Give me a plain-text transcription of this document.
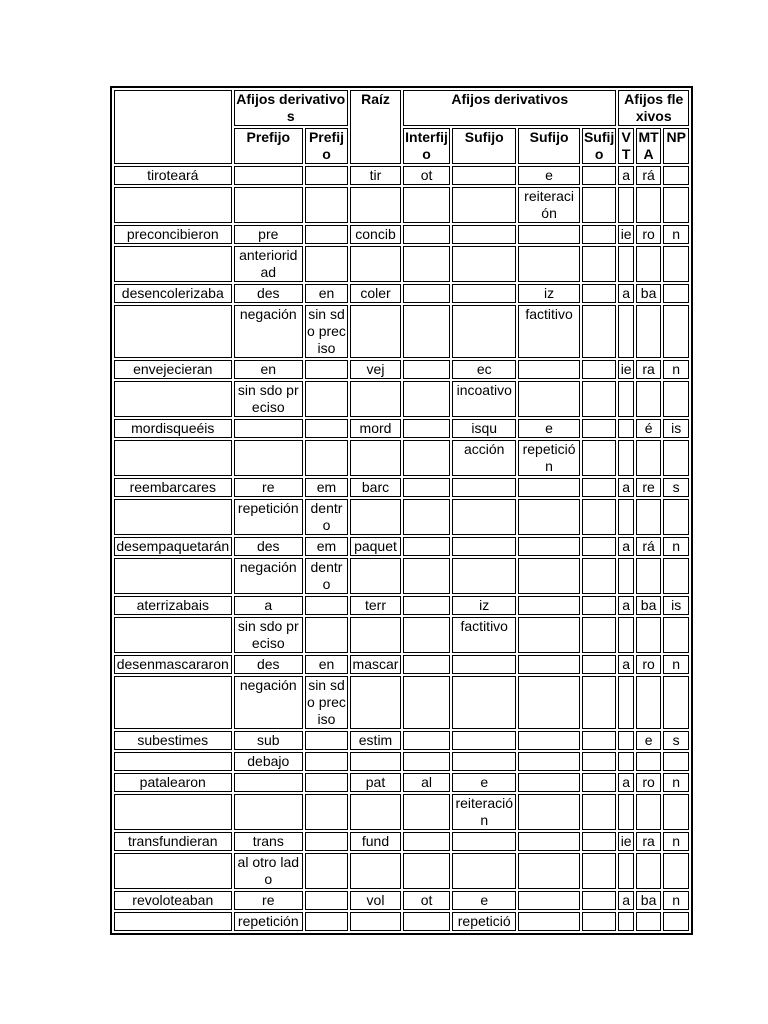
	Afijos derivativos		Raíz	Afijos derivativos				Afijos flexivos		
	Prefijo	Prefijo		Interfijo	Sufijo	Sufijo	Sufijo	VT	MTA	NP
tiroteará			tir	ot		e		a	rá	
						reiteración				
preconcibieron	pre		concib					ie	ro	n
	anterioridad									
desencolerizaba	des	en	coler			iz		a	ba	
	negación	sin sdo preciso				factitivo				
envejecieran	en		vej		ec			ie	ra	n
	sin sdo preciso				incoativo					
mordisqueéis			mord		isqu	e			é	is
					acción	repetición				
reembarcares	re	em	barc					a	re	s
	repetición	dentro								
desempaquetarán	des	em	paquet					a	rá	n
	negación	dentro								
aterrizabais	a		terr		iz			a	ba	is
	sin sdo preciso				factitivo					
desenmascararon	des	en	mascar					a	ro	n
	negación	sin sdo preciso								
subestimes	sub		estim						e	s
	debajo									
patalearon			pat	al	e			a	ro	n
					reiteración					
transfundieran	trans		fund					ie	ra	n
	al otro lado									
revoloteaban	re		vol	ot	e			a	ba	n
	repetición				repetició					
